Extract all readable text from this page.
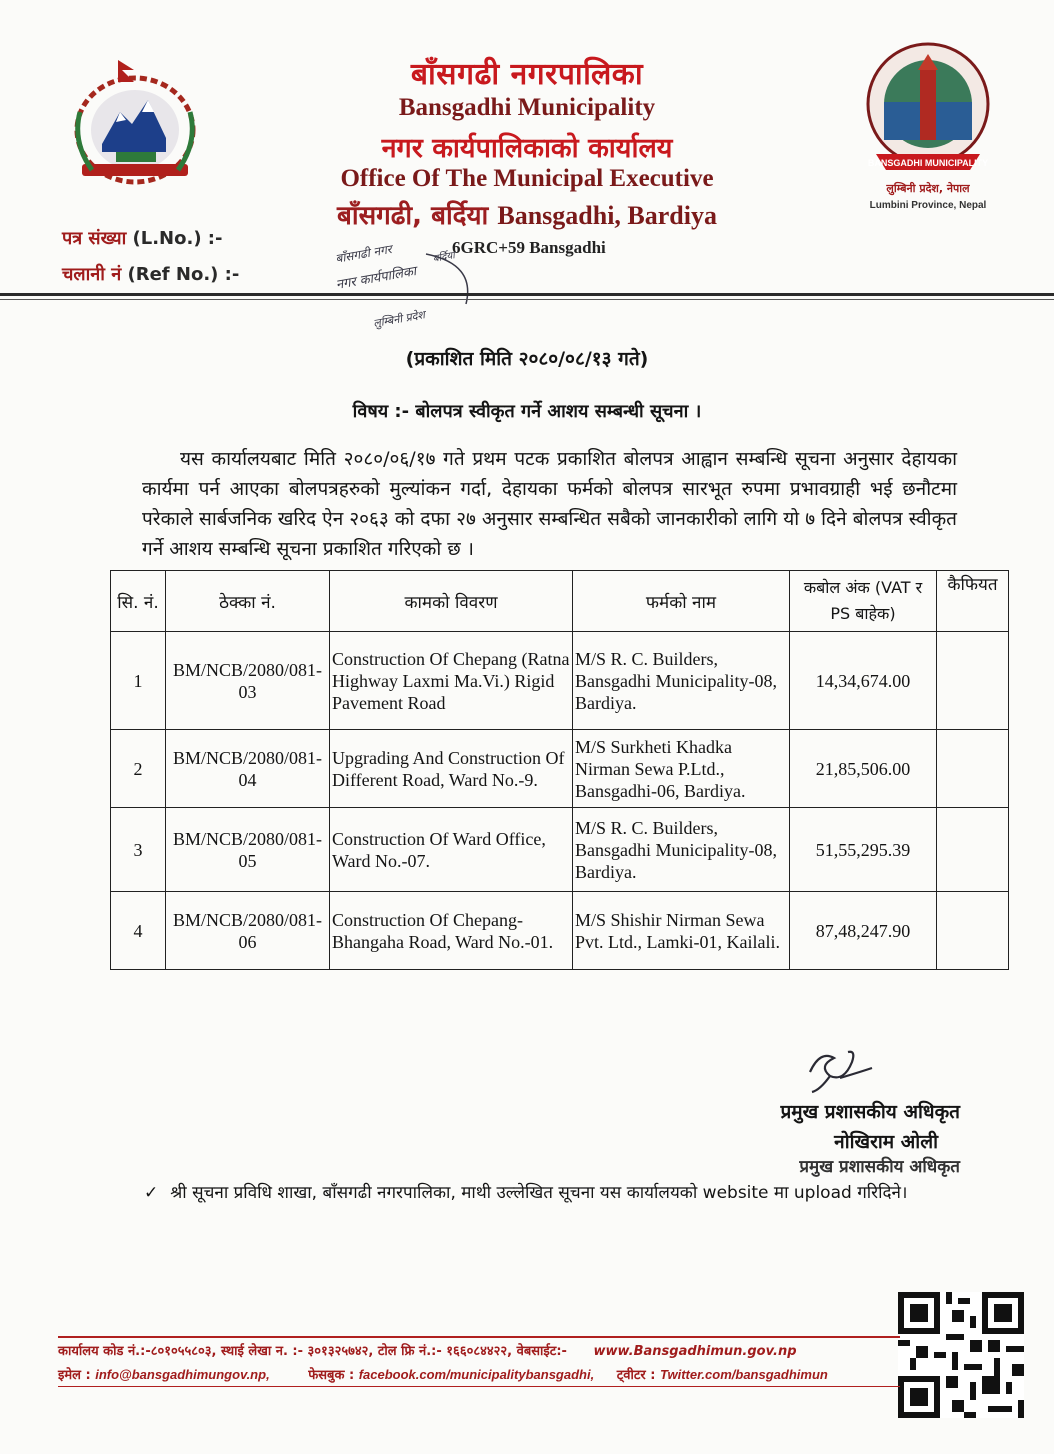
BANSGADHI MUNICIPALITY
लुम्बिनी प्रदेश, नेपाल
Lumbini Province, Nepal
बाँसगढी नगरपालिका
Bansgadhi Municipality
नगर कार्यपालिकाको कार्यालय
Office Of The Municipal Executive
बाँसगढी, बर्दिया Bansgadhi, Bardiya
6GRC+59 Bansgadhi
बाँसगढी नगर
नगर कार्यपालिका
बर्दिया
लुम्बिनी प्रदेश
पत्र संख्या (L.No.) :-
चलानी नं (Ref No.) :-
(प्रकाशित मिति २०८०/०८/१३ गते)
विषय :- बोलपत्र स्वीकृत गर्ने आशय सम्बन्धी सूचना ।

यस कार्यालयबाट मिति २०८०/०६/१७ गते प्रथम पटक प्रकाशित बोलपत्र आह्वान सम्बन्धि सूचना अनुसार देहायका कार्यमा पर्न आएका बोलपत्रहरुको मुल्यांकन गर्दा, देहायका फर्मको बोलपत्र सारभूत रुपमा प्रभावग्राही भई छनौटमा परेकाले सार्बजनिक खरिद ऐन २०६३ को दफा २७ अनुसार सम्बन्धित सबैको जानकारीको लागि यो ७ दिने बोलपत्र स्वीकृत गर्ने आशय सम्बन्धि सूचना प्रकाशित गरिएको छ ।

सि. नं.	ठेक्का नं.	कामको विवरण	फर्मको नाम	कबोल अंक (VAT र PS बाहेक)	कैफियत
1	BM/NCB/2080/081-03	Construction Of Chepang (Ratna Highway Laxmi Ma.Vi.) Rigid Pavement Road	M/S R. C. Builders, Bansgadhi Municipality-08, Bardiya.	14,34,674.00	
2	BM/NCB/2080/081-04	Upgrading And Construction Of Different Road, Ward No.-9.	M/S Surkheti Khadka Nirman Sewa P.Ltd., Bansgadhi-06, Bardiya.	21,85,506.00	
3	BM/NCB/2080/081-05	Construction Of Ward Office, Ward No.-07.	M/S R. C. Builders, Bansgadhi Municipality-08, Bardiya.	51,55,295.39	
4	BM/NCB/2080/081-06	Construction Of Chepang-Bhangaha Road, Ward No.-01.	M/S Shishir Nirman Sewa Pvt. Ltd., Lamki-01, Kailali.	87,48,247.90	
प्रमुख प्रशासकीय अधिकृत
नोखिराम ओली
प्रमुख प्रशासकीय अधिकृत
✓ श्री सूचना प्रविधि शाखा, बाँसगढी नगरपालिका, माथी उल्लेखित सूचना यस कार्यालयको website मा upload गरिदिने।
कार्यालय कोड नं.:-८०१०५५८०३, स्थाई लेखा न. :- ३०१३२५७४२, टोल फ्रि नं.:- १६६०८४४२२, वेबसाईट:- www.Bansgadhimun.gov.np
इमेल : info@bansgadhimungov.np,	फेसबुक : facebook.com/municipalitybansgadhi, ट्वीटर : Twitter.com/bansgadhimun
